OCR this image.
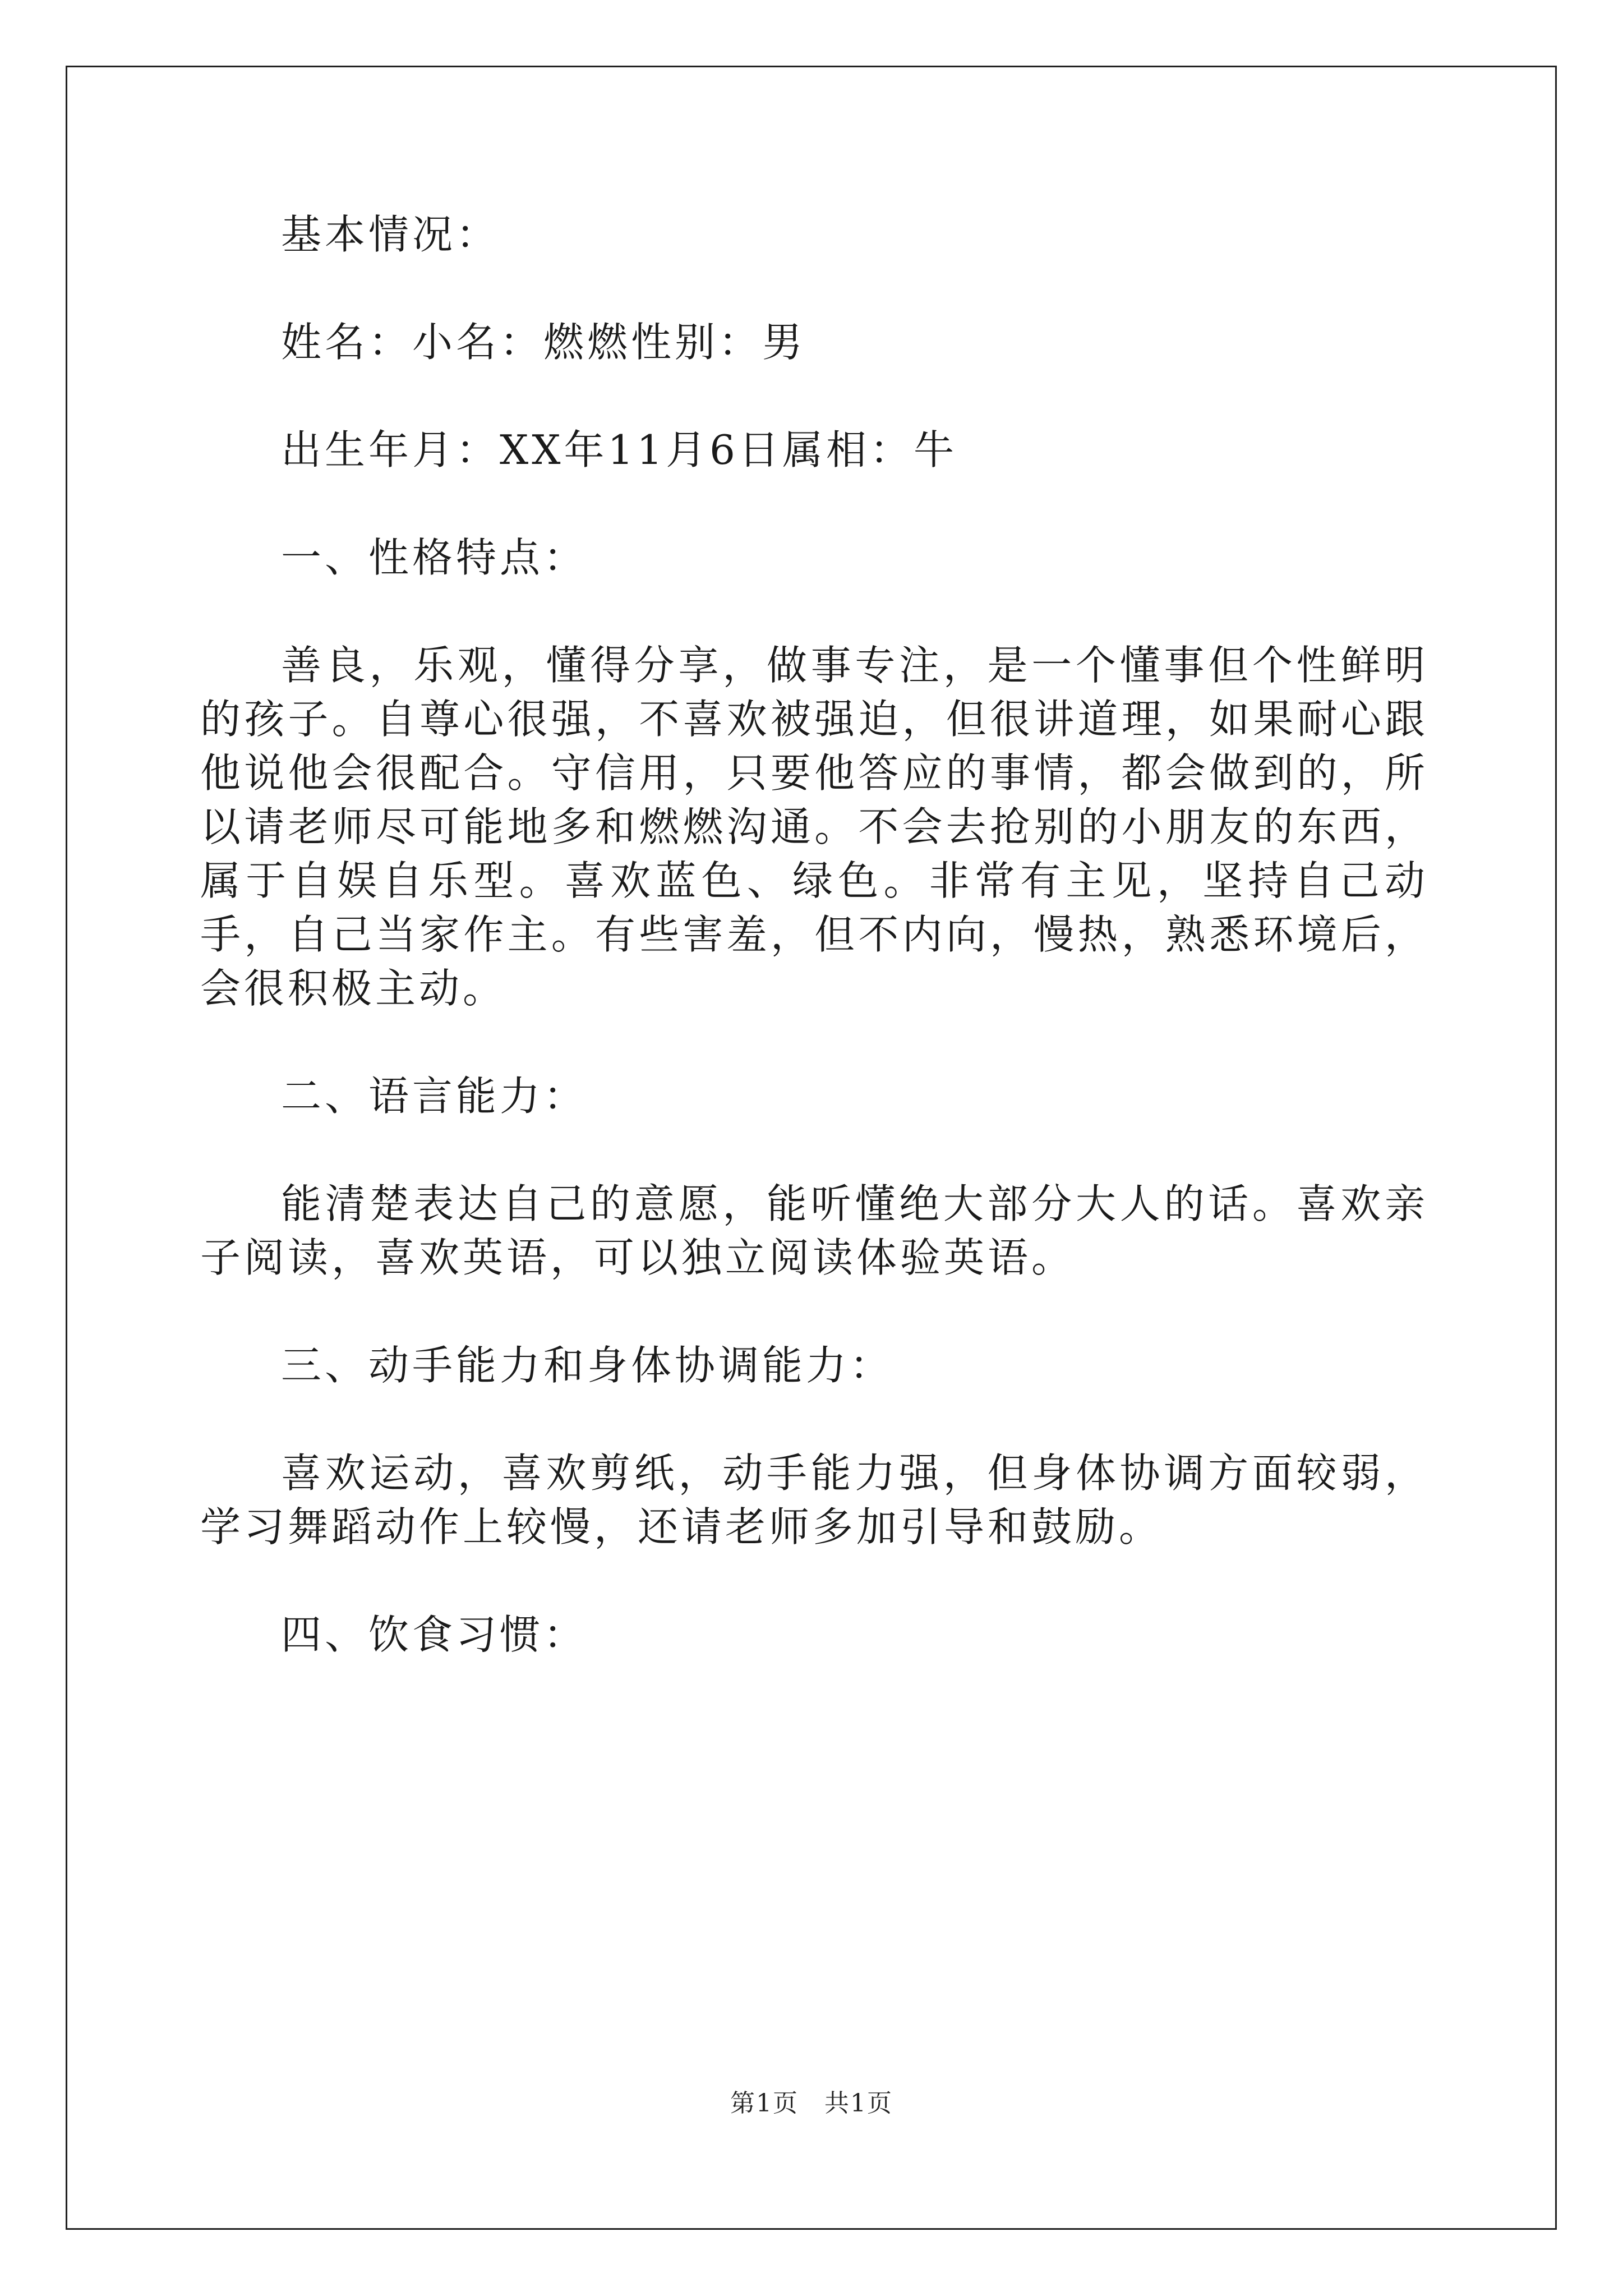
基本情况：
姓名：小名：燃燃性别：男
出生年月：XX年11月6日属相：牛
一、性格特点：

善良，乐观，懂得分享，做事专注，是一个懂事但个性鲜明的孩子。自尊心很强，不喜欢被强迫，但很讲道理，如果耐心跟他说他会很配合。守信用，只要他答应的事情，都会做到的，所以请老师尽可能地多和燃燃沟通。不会去抢别的小朋友的东西，属于自娱自乐型。喜欢蓝色、绿色。非常有主见，坚持自己动手，自己当家作主。有些害羞，但不内向，慢热，熟悉环境后，会很积极主动。

二、语言能力：

能清楚表达自己的意愿，能听懂绝大部分大人的话。喜欢亲子阅读，喜欢英语，可以独立阅读体验英语。

三、动手能力和身体协调能力：

喜欢运动，喜欢剪纸，动手能力强，但身体协调方面较弱，学习舞蹈动作上较慢，还请老师多加引导和鼓励。

四、饮食习惯：
第1页　共1页
